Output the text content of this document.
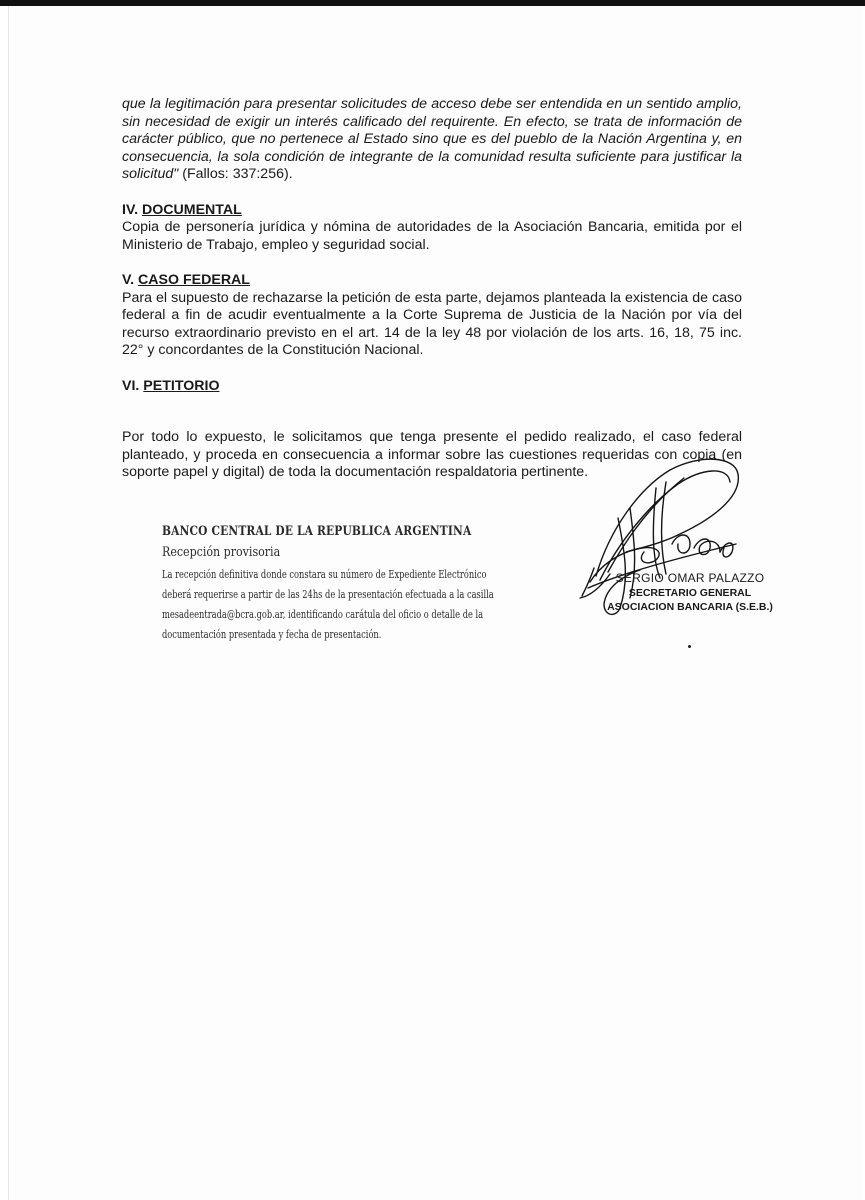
que la legitimación para presentar solicitudes de acceso debe ser entendida en un sentido amplio, sin necesidad de exigir un interés calificado del requirente. En efecto, se trata de información de carácter público, que no pertenece al Estado sino que es del pueblo de la Nación Argentina y, en consecuencia, la sola condición de integrante de la comunidad resulta suficiente para justificar la solicitud" (Fallos: 337:256).

IV. DOCUMENTAL

Copia de personería jurídica y nómina de autoridades de la Asociación Bancaria, emitida por el Ministerio de Trabajo, empleo y seguridad social.

V. CASO FEDERAL

Para el supuesto de rechazarse la petición de esta parte, dejamos planteada la existencia de caso federal a fin de acudir eventualmente a la Corte Suprema de Justicia de la Nación por vía del recurso extraordinario previsto en el art. 14 de la ley 48 por violación de los arts. 16, 18, 75 inc. 22° y concordantes de la Constitución Nacional.

VI. PETITORIO

Por todo lo expuesto, le solicitamos que tenga presente el pedido realizado, el caso federal planteado, y proceda en consecuencia a informar sobre las cuestiones requeridas con copia (en soporte papel y digital) de toda la documentación respaldatoria pertinente.

BANCO CENTRAL DE LA REPUBLICA ARGENTINA
Recepción provisoria
La recepción definitiva donde constara su número de Expediente Electrónico
deberá requerirse a partir de las 24hs de la presentación efectuada a la casilla
mesadeentrada@bcra.gob.ar, identificando carátula del oficio o detalle de la
documentación presentada y fecha de presentación.
SERGIO OMAR PALAZZO
SECRETARIO GENERAL
ASOCIACION BANCARIA (S.E.B.)
